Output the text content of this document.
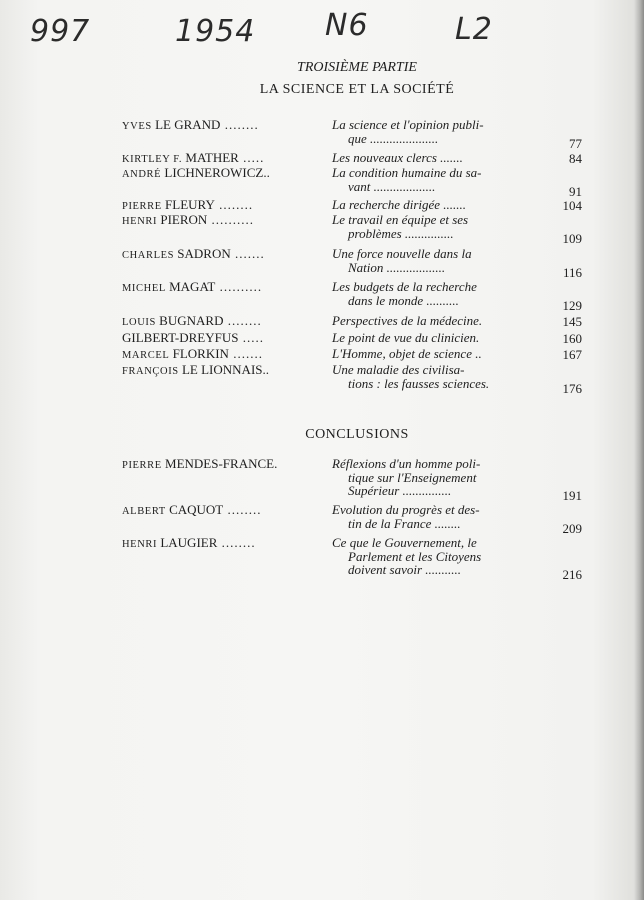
997	1954 N6	L2
TROISIÈME PARTIE
LA SCIENCE ET LA SOCIÉTÉ
YVES LE GRAND ........	La science et l'opinion publi-
que .....................	77
KIRTLEY F. MATHER .....	Les nouveaux clercs .......	84
ANDRÉ LICHNEROWICZ..	La condition humaine du sa-
vant ...................	91
PIERRE FLEURY ........	La recherche dirigée .......	104
HENRI PIERON ..........	Le travail en équipe et ses
problèmes ...............	109
CHARLES SADRON .......	Une force nouvelle dans la
Nation ..................	116
MICHEL MAGAT ..........	Les budgets de la recherche
dans le monde ..........	129
LOUIS BUGNARD ........	Perspectives de la médecine.	145
GILBERT-DREYFUS .....	Le point de vue du clinicien.	160
MARCEL FLORKIN .......	L'Homme, objet de science ..	167
FRANÇOIS LE LIONNAIS..	Une maladie des civilisa-
tions : les fausses sciences.	176
CONCLUSIONS
PIERRE MENDES-FRANCE.	Réflexions d'un homme poli-
tique sur l'Enseignement
Supérieur ...............	191
ALBERT CAQUOT ........	Evolution du progrès et des-
tin de la France ........	209
HENRI LAUGIER ........	Ce que le Gouvernement, le
Parlement et les Citoyens
doivent savoir ...........	216
